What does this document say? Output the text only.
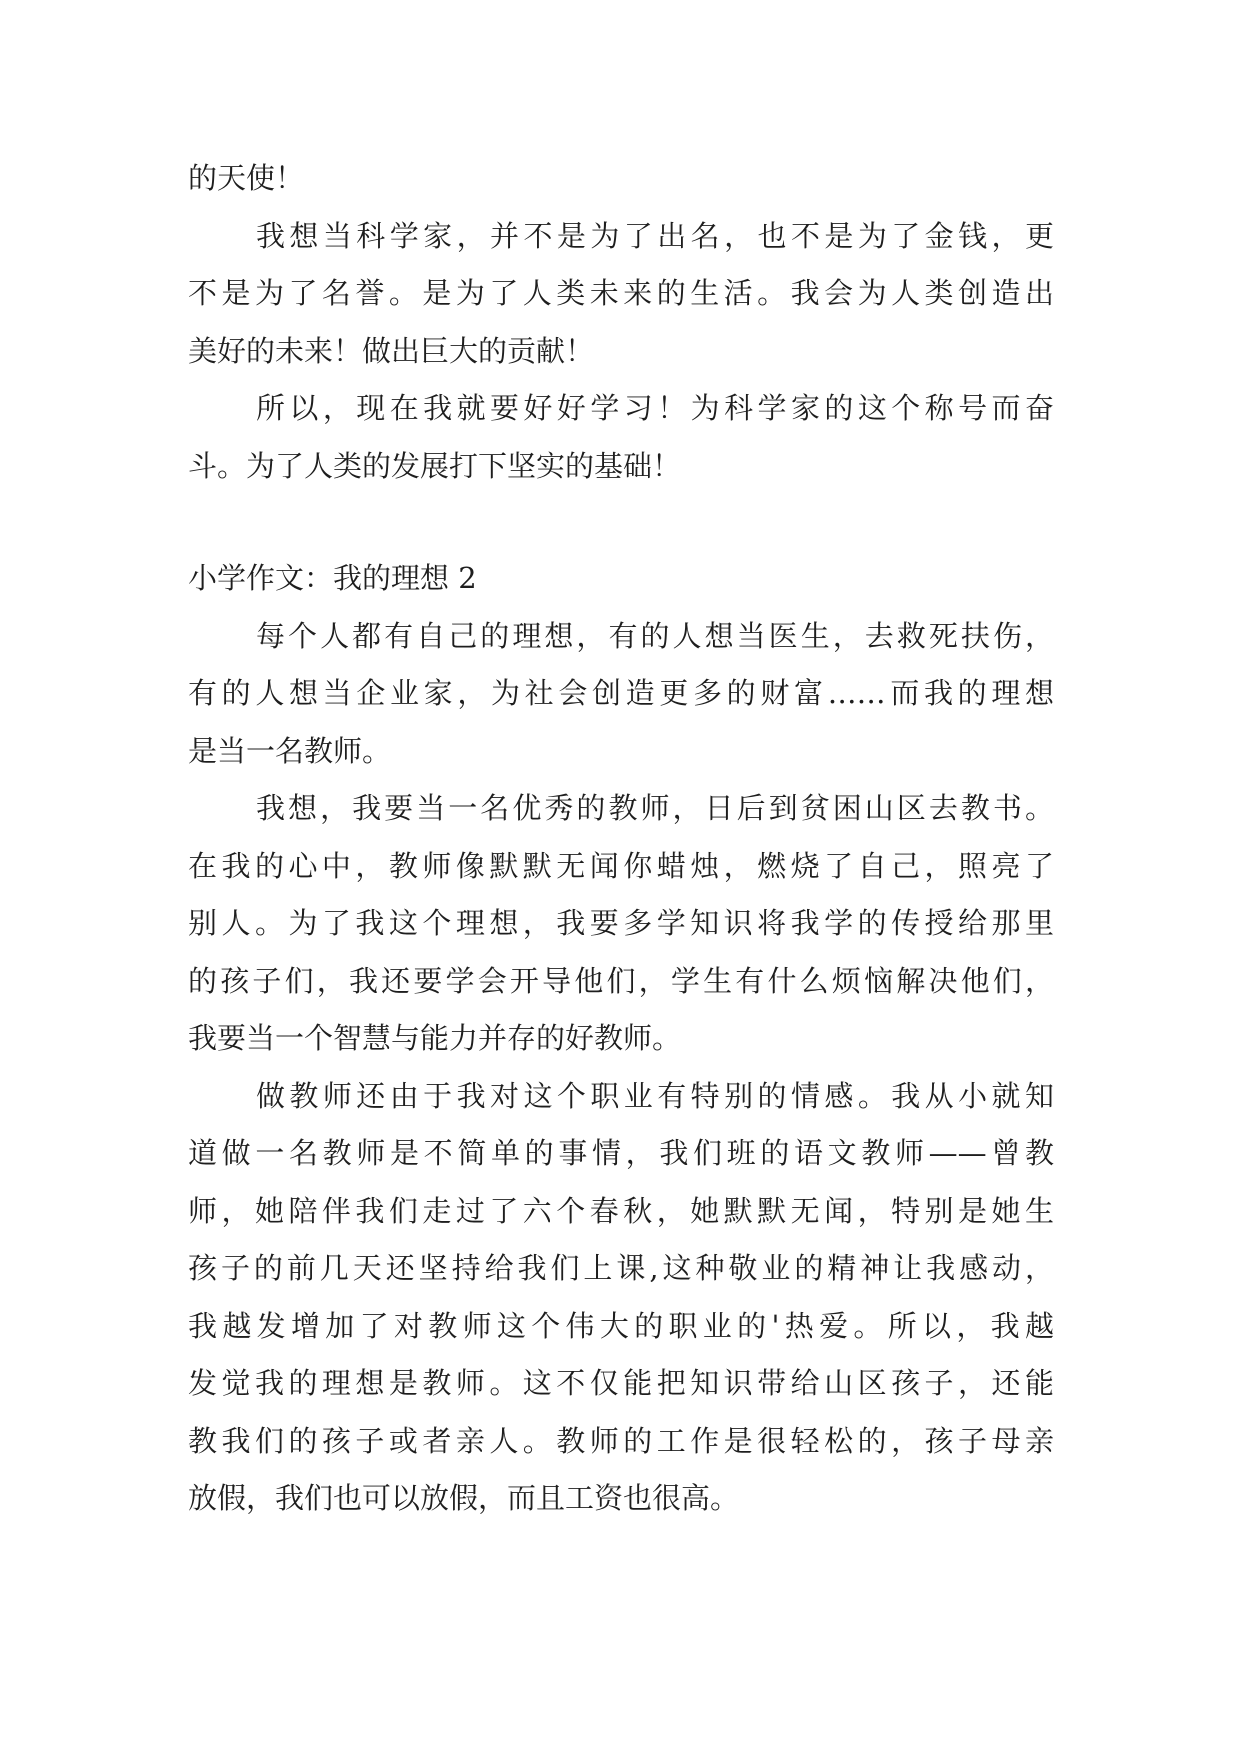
的天使！
我想当科学家，并不是为了出名，也不是为了金钱，更
不是为了名誉。是为了人类未来的生活。我会为人类创造出
美好的未来！做出巨大的贡献！
所以，现在我就要好好学习！为科学家的这个称号而奋
斗。为了人类的发展打下坚实的基础！
小学作文：我的理想 2
每个人都有自己的理想，有的人想当医生，去救死扶伤，
有的人想当企业家，为社会创造更多的财富……而我的理想
是当一名教师。
我想，我要当一名优秀的教师，日后到贫困山区去教书。
在我的心中，教师像默默无闻你蜡烛，燃烧了自己，照亮了
别人。为了我这个理想，我要多学知识将我学的传授给那里
的孩子们，我还要学会开导他们，学生有什么烦恼解决他们，
我要当一个智慧与能力并存的好教师。
做教师还由于我对这个职业有特别的情感。我从小就知
道做一名教师是不简单的事情，我们班的语文教师——曾教
师，她陪伴我们走过了六个春秋，她默默无闻，特别是她生
孩子的前几天还坚持给我们上课,这种敬业的精神让我感动，
我越发增加了对教师这个伟大的职业的'热爱。所以，我越
发觉我的理想是教师。这不仅能把知识带给山区孩子，还能
教我们的孩子或者亲人。教师的工作是很轻松的，孩子母亲
放假，我们也可以放假，而且工资也很高。
